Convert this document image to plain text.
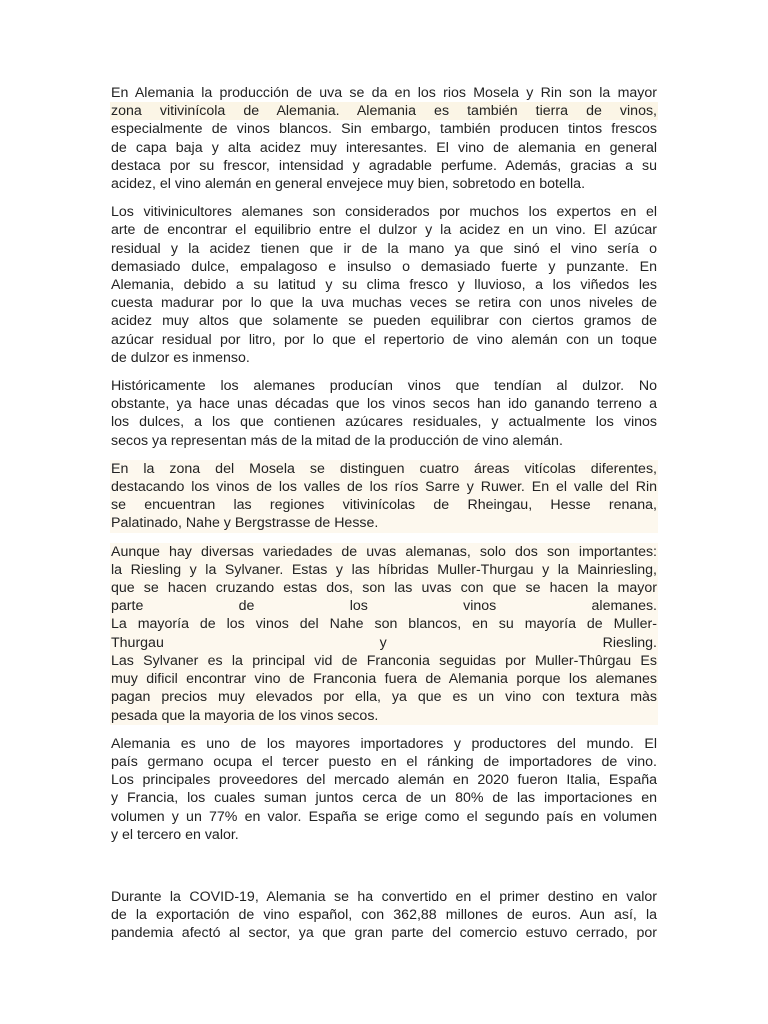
En Alemania la producción de uva se da en los rios Mosela y Rin son la mayor
zona vitivinícola de Alemania. Alemania es también tierra de vinos,
especialmente de vinos blancos. Sin embargo, también producen tintos frescos
de capa baja y alta acidez muy interesantes. El vino de alemania en general
destaca por su frescor, intensidad y agradable perfume. Además, gracias a su
acidez, el vino alemán en general envejece muy bien, sobretodo en botella.
Los vitivinicultores alemanes son considerados por muchos los expertos en el
arte de encontrar el equilibrio entre el dulzor y la acidez en un vino. El azúcar
residual y la acidez tienen que ir de la mano ya que sinó el vino sería o
demasiado dulce, empalagoso e insulso o demasiado fuerte y punzante. En
Alemania, debido a su latitud y su clima fresco y lluvioso, a los viñedos les
cuesta madurar por lo que la uva muchas veces se retira con unos niveles de
acidez muy altos que solamente se pueden equilibrar con ciertos gramos de
azúcar residual por litro, por lo que el repertorio de vino alemán con un toque
de dulzor es inmenso.
Históricamente los alemanes producían vinos que tendían al dulzor. No
obstante, ya hace unas décadas que los vinos secos han ido ganando terreno a
los dulces, a los que contienen azúcares residuales, y actualmente los vinos
secos ya representan más de la mitad de la producción de vino alemán.
En la zona del Mosela se distinguen cuatro áreas vitícolas diferentes,
destacando los vinos de los valles de los ríos Sarre y Ruwer. En el valle del Rin
se encuentran las regiones vitivinícolas de Rheingau, Hesse renana,
Palatinado, Nahe y Bergstrasse de Hesse.
Aunque hay diversas variedades de uvas alemanas, solo dos son importantes:
la Riesling y la Sylvaner. Estas y las híbridas Muller-Thurgau y la Mainriesling,
que se hacen cruzando estas dos, son las uvas con que se hacen la mayor
parte de los vinos alemanes.
La mayoría de los vinos del Nahe son blancos, en su mayoría de Muller-
Thurgau y Riesling.
Las Sylvaner es la principal vid de Franconia seguidas por Muller-Thûrgau Es
muy dificil encontrar vino de Franconia fuera de Alemania porque los alemanes
pagan precios muy elevados por ella, ya que es un vino con textura màs
pesada que la mayoria de los vinos secos.
Alemania es uno de los mayores importadores y productores del mundo. El
país germano ocupa el tercer puesto en el ránking de importadores de vino.
Los principales proveedores del mercado alemán en 2020 fueron Italia, España
y Francia, los cuales suman juntos cerca de un 80% de las importaciones en
volumen y un 77% en valor. España se erige como el segundo país en volumen
y el tercero en valor.
Durante la COVID-19, Alemania se ha convertido en el primer destino en valor
de la exportación de vino español, con 362,88 millones de euros. Aun así, la
pandemia afectó al sector, ya que gran parte del comercio estuvo cerrado, por
